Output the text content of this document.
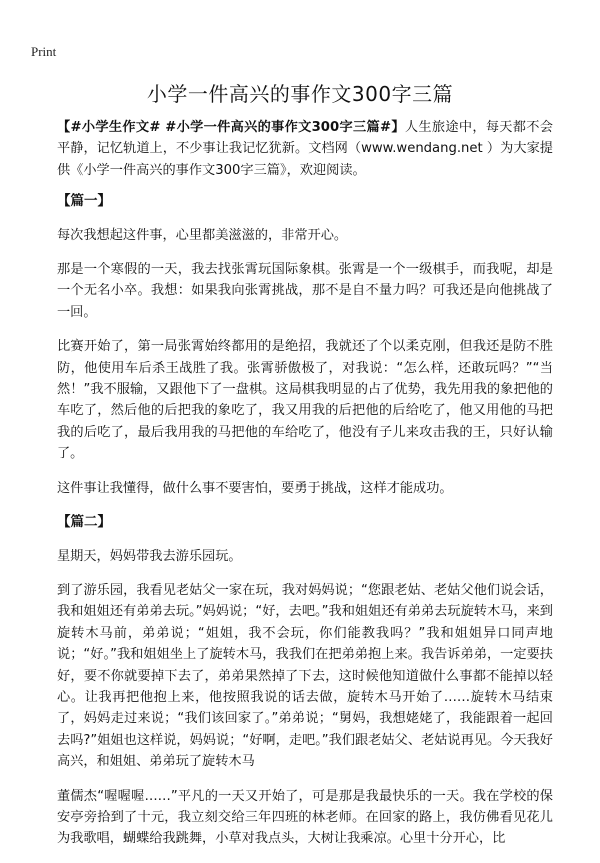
Print
小学一件高兴的事作文300字三篇

【#小学生作文# #小学一件高兴的事作文300字三篇#】人生旅途中，每天都不会平静，记忆轨道上，不少事让我记忆犹新。文档网（www.wendang.net ）为大家提供《小学一件高兴的事作文300字三篇》，欢迎阅读。

【篇一】

每次我想起这件事，心里都美滋滋的，非常开心。

那是一个寒假的一天，我去找张霄玩国际象棋。张霄是一个一级棋手，而我呢，却是一个无名小卒。我想：如果我向张霄挑战，那不是自不量力吗？可我还是向他挑战了一回。

比赛开始了，第一局张霄始终都用的是绝招，我就还了个以柔克刚，但我还是防不胜防，他使用车后杀王战胜了我。张霄骄傲极了，对我说：“怎么样，还敢玩吗？”“当然！”我不服输，又跟他下了一盘棋。这局棋我明显的占了优势，我先用我的象把他的车吃了，然后他的后把我的象吃了，我又用我的后把他的后给吃了，他又用他的马把我的后吃了，最后我用我的马把他的车给吃了，他没有子儿来攻击我的王，只好认输了。

这件事让我懂得，做什么事不要害怕，要勇于挑战，这样才能成功。

【篇二】

星期天，妈妈带我去游乐园玩。

到了游乐园，我看见老姑父一家在玩，我对妈妈说；“您跟老姑、老姑父他们说会话，我和姐姐还有弟弟去玩。”妈妈说；“好，去吧。”我和姐姐还有弟弟去玩旋转木马，来到旋转木马前，弟弟说；“姐姐，我不会玩，你们能教我吗？”我和姐姐异口同声地说；“好。”我和姐姐坐上了旋转木马，我我们在把弟弟抱上来。我告诉弟弟，一定要扶好，要不你就要掉下去了，弟弟果然掉了下去，这时候他知道做什么事都不能掉以轻心。让我再把他抱上来，他按照我说的话去做，旋转木马开始了……旋转木马结束了，妈妈走过来说；“我们该回家了。”弟弟说；“舅妈，我想姥姥了，我能跟着一起回去吗?”姐姐也这样说，妈妈说；“好啊，走吧。”我们跟老姑父、老姑说再见。今天我好高兴，和姐姐、弟弟玩了旋转木马

董儒杰“喔喔喔……”平凡的一天又开始了，可是那是我最快乐的一天。我在学校的保安亭旁拾到了十元，我立刻交给三年四班的林老师。在回家的路上，我仿佛看见花儿为我歌唱，蝴蝶给我跳舞，小草对我点头，大树让我乘凉。心里十分开心，比
